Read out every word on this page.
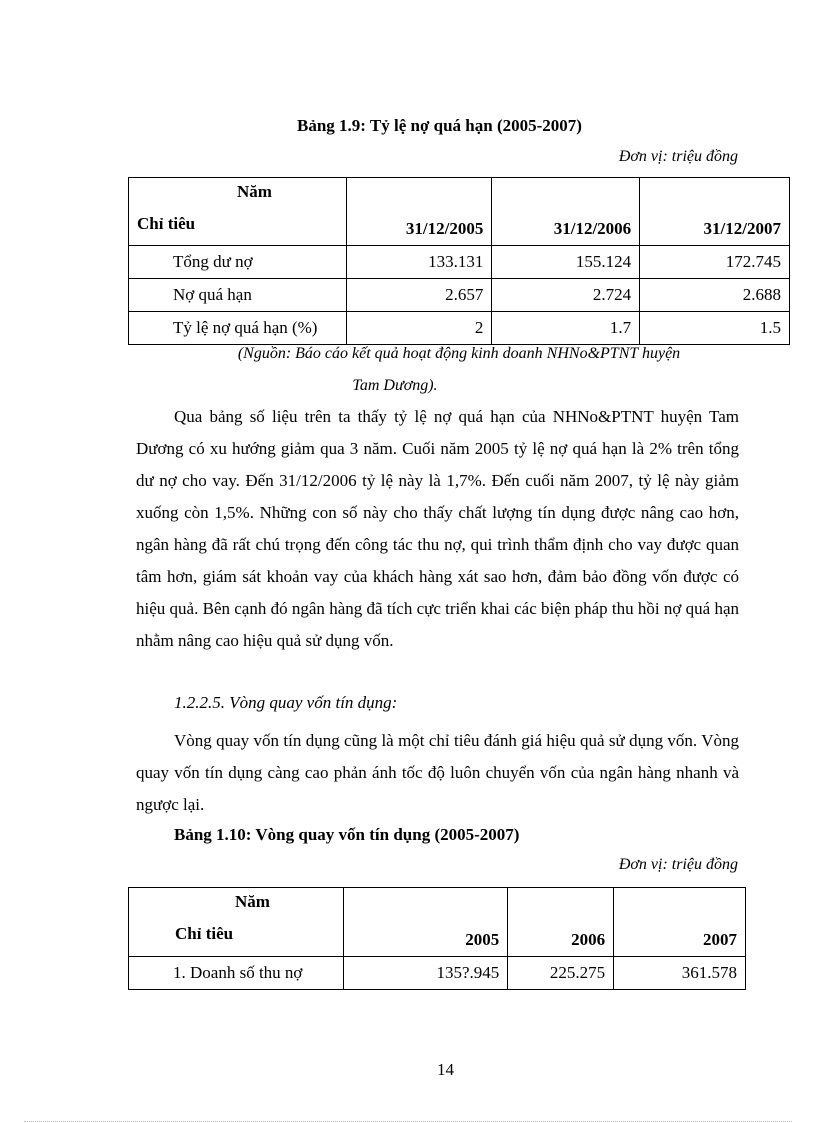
Bảng 1.9: Tỷ lệ nợ quá hạn (2005-2007)
Đơn vị: triệu đồng
Năm
Chỉ tiêu	31/12/2005	31/12/2006	31/12/2007
Tổng dư nợ	133.131	155.124	172.745
Nợ quá hạn	2.657	2.724	2.688
Tỷ lệ nợ quá hạn (%)	2	1.7	1.5
(Nguồn: Báo cáo kết quả hoạt động kinh doanh NHNo&PTNT huyện
Tam Dương).
Qua bảng số liệu trên ta thấy tỷ lệ nợ quá hạn của NHNo&PTNT huyện Tam Dương có xu hướng giảm qua 3 năm. Cuối năm 2005 tỷ lệ nợ quá hạn là 2% trên tổng dư nợ cho vay. Đến 31/12/2006 tỷ lệ này là 1,7%. Đến cuối năm 2007, tỷ lệ này giảm xuống còn 1,5%. Những con số này cho thấy chất lượng tín dụng được nâng cao hơn, ngân hàng đã rất chú trọng đến công tác thu nợ, qui trình thẩm định cho vay được quan tâm hơn, giám sát khoản vay của khách hàng xát sao hơn, đảm bảo đồng vốn được có hiệu quả. Bên cạnh đó ngân hàng đã tích cực triển khai các biện pháp thu hồi nợ quá hạn nhằm nâng cao hiệu quả sử dụng vốn.
1.2.2.5. Vòng quay vốn tín dụng:
Vòng quay vốn tín dụng cũng là một chỉ tiêu đánh giá hiệu quả sử dụng vốn. Vòng quay vốn tín dụng càng cao phản ánh tốc độ luôn chuyển vốn của ngân hàng nhanh và ngược lại.
Bảng 1.10: Vòng quay vốn tín dụng (2005-2007)
Đơn vị: triệu đồng
Năm
Chỉ tiêu	2005	2006	2007
1. Doanh số thu nợ	135?.945	225.275	361.578
14
